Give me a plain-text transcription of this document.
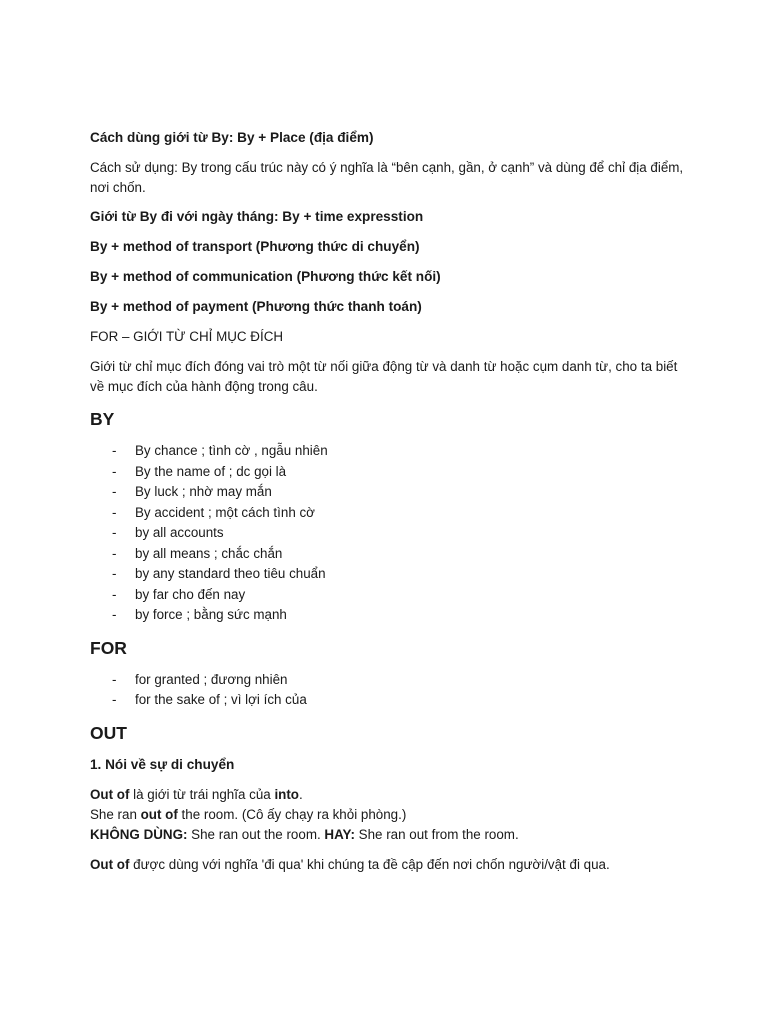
Cách dùng giới từ By: By + Place (địa điểm)

Cách sử dụng: By trong cấu trúc này có ý nghĩa là “bên cạnh, gần, ở cạnh” và dùng để chỉ địa điểm, nơi chốn.

Giới từ By đi với ngày tháng: By + time expresstion

By + method of transport (Phương thức di chuyển)

By + method of communication (Phương thức kết nối)

By + method of payment (Phương thức thanh toán)

FOR – GIỚI TỪ CHỈ MỤC ĐÍCH

Giới từ chỉ mục đích đóng vai trò một từ nối giữa động từ và danh từ hoặc cụm danh từ, cho ta biết về mục đích của hành động trong câu.

BY
- By chance ; tình cờ , ngẫu nhiên
- By the name of ; dc gọi là
- By luck ; nhờ may mắn
- By accident ; một cách tình cờ
- by all accounts
- by all means ; chắc chắn
- by any standard theo tiêu chuẩn
- by far cho đến nay
- by force ; bằng sức mạnh
FOR
- for granted ; đương nhiên
- for the sake of ; vì lợi ích của
OUT

1. Nói về sự di chuyển

Out of là giới từ trái nghĩa của into.

She ran out of the room. (Cô ấy chạy ra khỏi phòng.)

KHÔNG DÙNG: She ran out the room. HAY: She ran out from the room.

Out of được dùng với nghĩa 'đi qua' khi chúng ta đề cập đến nơi chốn người/vật đi qua.
